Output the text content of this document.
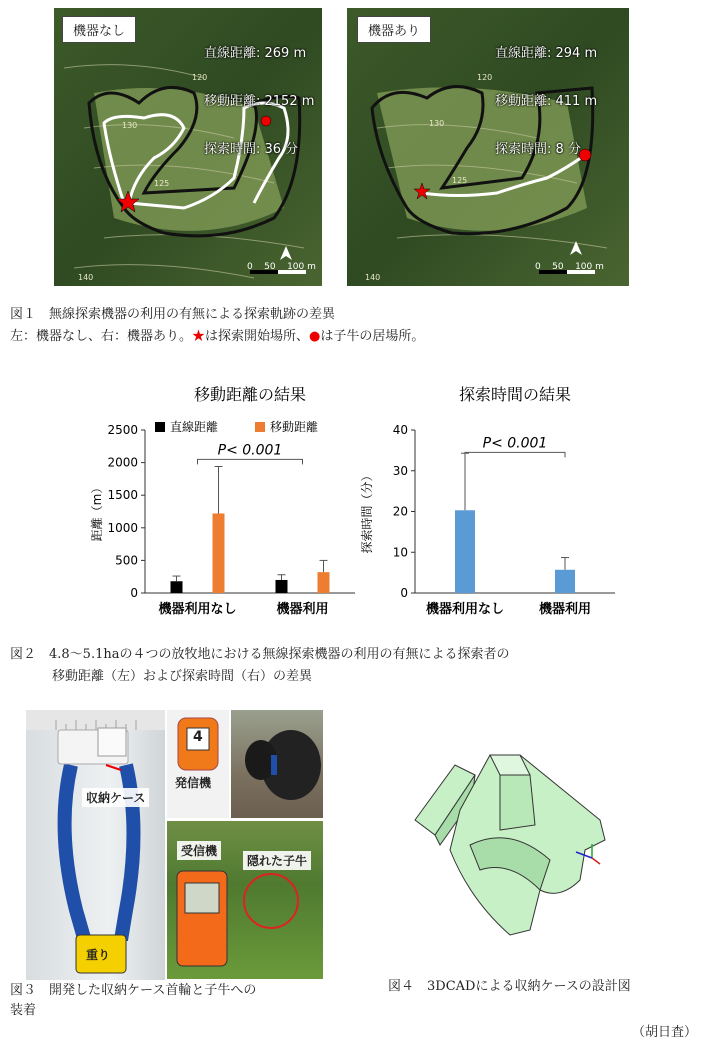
120
130
125
140
機器なし

直線距離: 269 m

移動距離: 2152 m

探索時間: 36 分

0    50    100 m
120
130
125
140
機器あり

直線距離: 294 m

移動距離: 411 m

探索時間: 8 分

0    50    100 m
図１　無線探索機器の利用の有無による探索軌跡の差異
左：機器なし、右：機器あり。★は探索開始場所、●は子牛の居場所。
移動距離の結果
0
500
1000
1500
2000
2500
距離（m）
機器利用なし	機器利用
P< 0.001
直線距離	移動距離
探索時間の結果
0
10
20
30
40
探索時間（分）
機器利用なし	機器利用
P< 0.001
図２　4.8～5.1haの４つの放牧地における無線探索機器の利用の有無による探索者の
移動距離（左）および探索時間（右）の差異
収納ケース
重り
4
発信機
受信機
隠れた子牛
図３　開発した収納ケース首輪と子牛への
装着
図４　3DCADによる収納ケースの設計図
（胡日査）
